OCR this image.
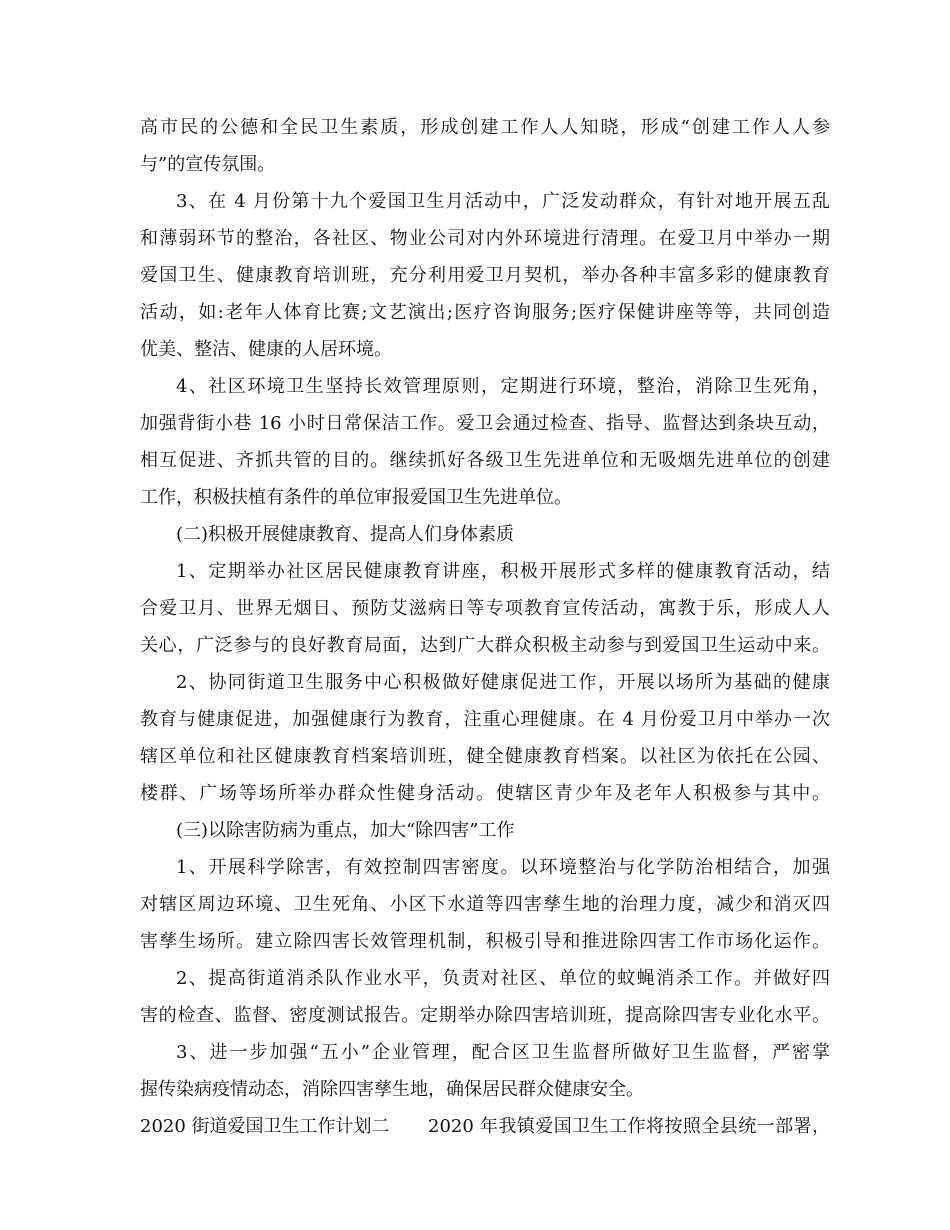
高市民的公德和全民卫生素质，形成创建工作人人知晓，形成“创建工作人人参
与”的宣传氛围。
3、在 4 月份第十九个爱国卫生月活动中，广泛发动群众，有针对地开展五乱
和薄弱环节的整治，各社区、物业公司对内外环境进行清理。在爱卫月中举办一期
爱国卫生、健康教育培训班，充分利用爱卫月契机，举办各种丰富多彩的健康教育
活动，如:老年人体育比赛;文艺演出;医疗咨询服务;医疗保健讲座等等，共同创造
优美、整洁、健康的人居环境。
4、社区环境卫生坚持长效管理原则，定期进行环境，整治，消除卫生死角，
加强背街小巷 16 小时日常保洁工作。爱卫会通过检查、指导、监督达到条块互动，
相互促进、齐抓共管的目的。继续抓好各级卫生先进单位和无吸烟先进单位的创建
工作，积极扶植有条件的单位审报爱国卫生先进单位。
(二)积极开展健康教育、提高人们身体素质
1、定期举办社区居民健康教育讲座，积极开展形式多样的健康教育活动，结
合爱卫月、世界无烟日、预防艾滋病日等专项教育宣传活动，寓教于乐，形成人人
关心，广泛参与的良好教育局面，达到广大群众积极主动参与到爱国卫生运动中来。
2、协同街道卫生服务中心积极做好健康促进工作，开展以场所为基础的健康
教育与健康促进，加强健康行为教育，注重心理健康。在 4 月份爱卫月中举办一次
辖区单位和社区健康教育档案培训班，健全健康教育档案。以社区为依托在公园、
楼群、广场等场所举办群众性健身活动。使辖区青少年及老年人积极参与其中。
(三)以除害防病为重点，加大“除四害”工作
1、开展科学除害，有效控制四害密度。以环境整治与化学防治相结合，加强
对辖区周边环境、卫生死角、小区下水道等四害孳生地的治理力度，减少和消灭四
害孳生场所。建立除四害长效管理机制，积极引导和推进除四害工作市场化运作。
2、提高街道消杀队作业水平，负责对社区、单位的蚊蝇消杀工作。并做好四
害的检查、监督、密度测试报告。定期举办除四害培训班，提高除四害专业化水平。
3、进一步加强“五小”企业管理，配合区卫生监督所做好卫生监督，严密掌
握传染病疫情动态，消除四害孳生地，确保居民群众健康安全。
2020 街道爱国卫生工作计划二 2020 年我镇爱国卫生工作将按照全县统一部署，
